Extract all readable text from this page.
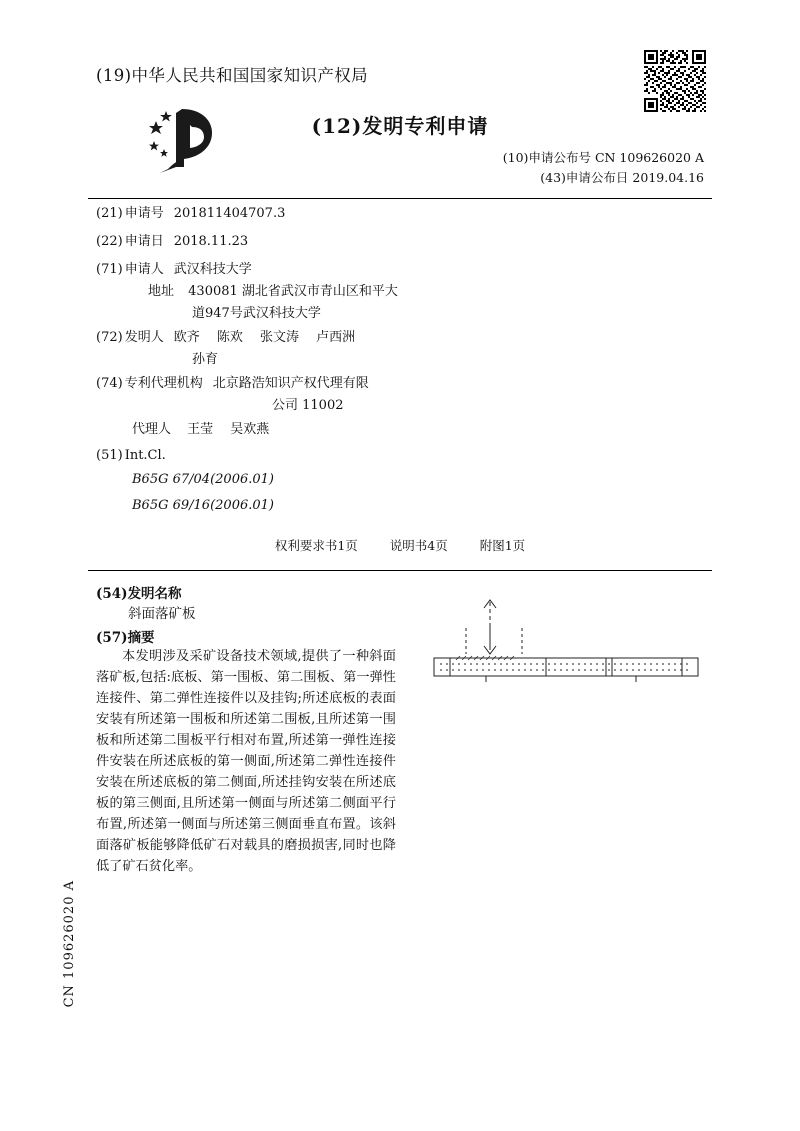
(19)中华人民共和国国家知识产权局
(12)发明专利申请
(10)申请公布号 CN 109626020 A
(43)申请公布日 2019.04.16
(21) 申请号 201811404707.3
(22) 申请日 2018.11.23
(71) 申请人 武汉科技大学
地址 430081 湖北省武汉市青山区和平大
道947号武汉科技大学
(72) 发明人 欧齐　 陈欢　 张文涛　 卢西洲
孙育
(74) 专利代理机构 北京路浩知识产权代理有限
公司 11002
代理人 王莹　 吴欢燕
(51) Int.Cl.
B65G 67/04(2006.01)
B65G 69/16(2006.01)
权利要求书1页	说明书4页	附图1页
(54)发明名称
斜面落矿板
(57)摘要
本发明涉及采矿设备技术领域,提供了一种斜面落矿板,包括:底板、第一围板、第二围板、第一弹性连接件、第二弹性连接件以及挂钩;所述底板的表面安装有所述第一围板和所述第二围板,且所述第一围板和所述第二围板平行相对布置,所述第一弹性连接件安装在所述底板的第一侧面,所述第二弹性连接件安装在所述底板的第二侧面,所述挂钩安装在所述底板的第三侧面,且所述第一侧面与所述第二侧面平行布置,所述第一侧面与所述第三侧面垂直布置。该斜面落矿板能够降低矿石对载具的磨损损害,同时也降低了矿石贫化率。
CN 109626020 A
